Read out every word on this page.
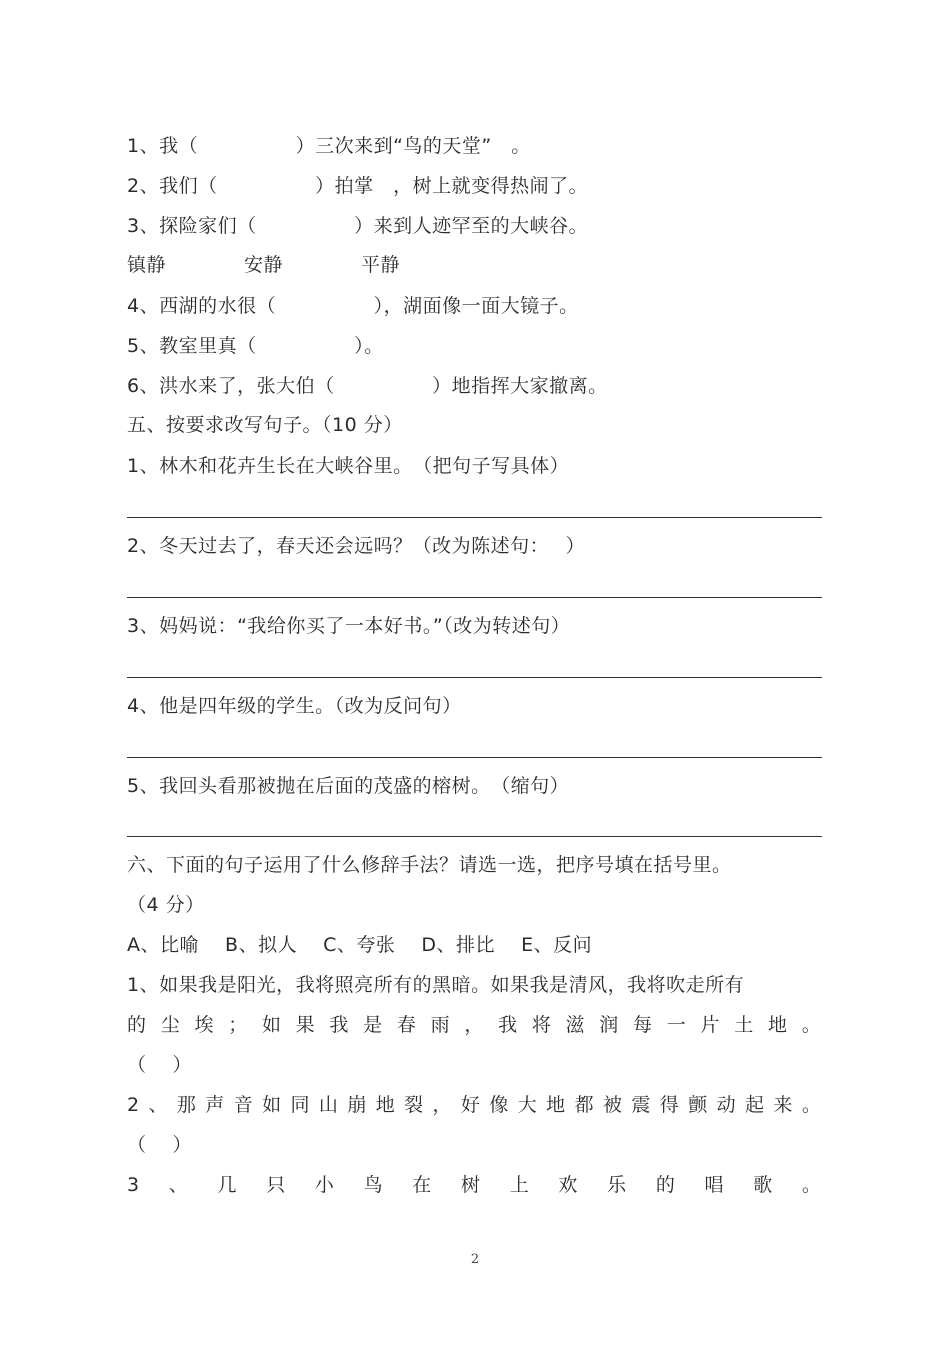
1、我（　　　　　）三次来到“鸟的天堂”　。
2、我们（　　　　　）拍掌　，树上就变得热闹了。
3、探险家们（　　　　　）来到人迹罕至的大峡谷。
镇静　　　　安静　　　　平静
4、西湖的水很（　　　　　），湖面像一面大镜子。
5、教室里真（　　　　　）。
6、洪水来了，张大伯（　　　　　）地指挥大家撤离。
五、按要求改写句子。（10 分）
1、林木和花卉生长在大峡谷里。　（把句子写具体）
2、冬天过去了，春天还会远吗？（改为陈述句：　 ）
3、妈妈说：“我给你买了一本好书。”（改为转述句）
4、他是四年级的学生。（改为反问句）
5、我回头看那被抛在后面的茂盛的榕树。　（缩句）
六、下面的句子运用了什么修辞手法？请选一选，把序号填在括号里。
（4 分）
A、比喻　 B、拟人　 C、夸张　 D、排比　 E、反问
1、如果我是阳光，我将照亮所有的黑暗。如果我是清风，我将吹走所有
的 尘 埃 ； 如 果 我 是 春 雨 ， 我 将 滋 润 每 一 片 土 地 。
（　 ）
2 、 那 声 音 如 同 山 崩 地 裂 ， 好 像 大 地 都 被 震 得 颤 动 起 来 。
（　 ）
3 、 几 只 小 鸟 在 树 上 欢 乐 的 唱 歌 。
2
